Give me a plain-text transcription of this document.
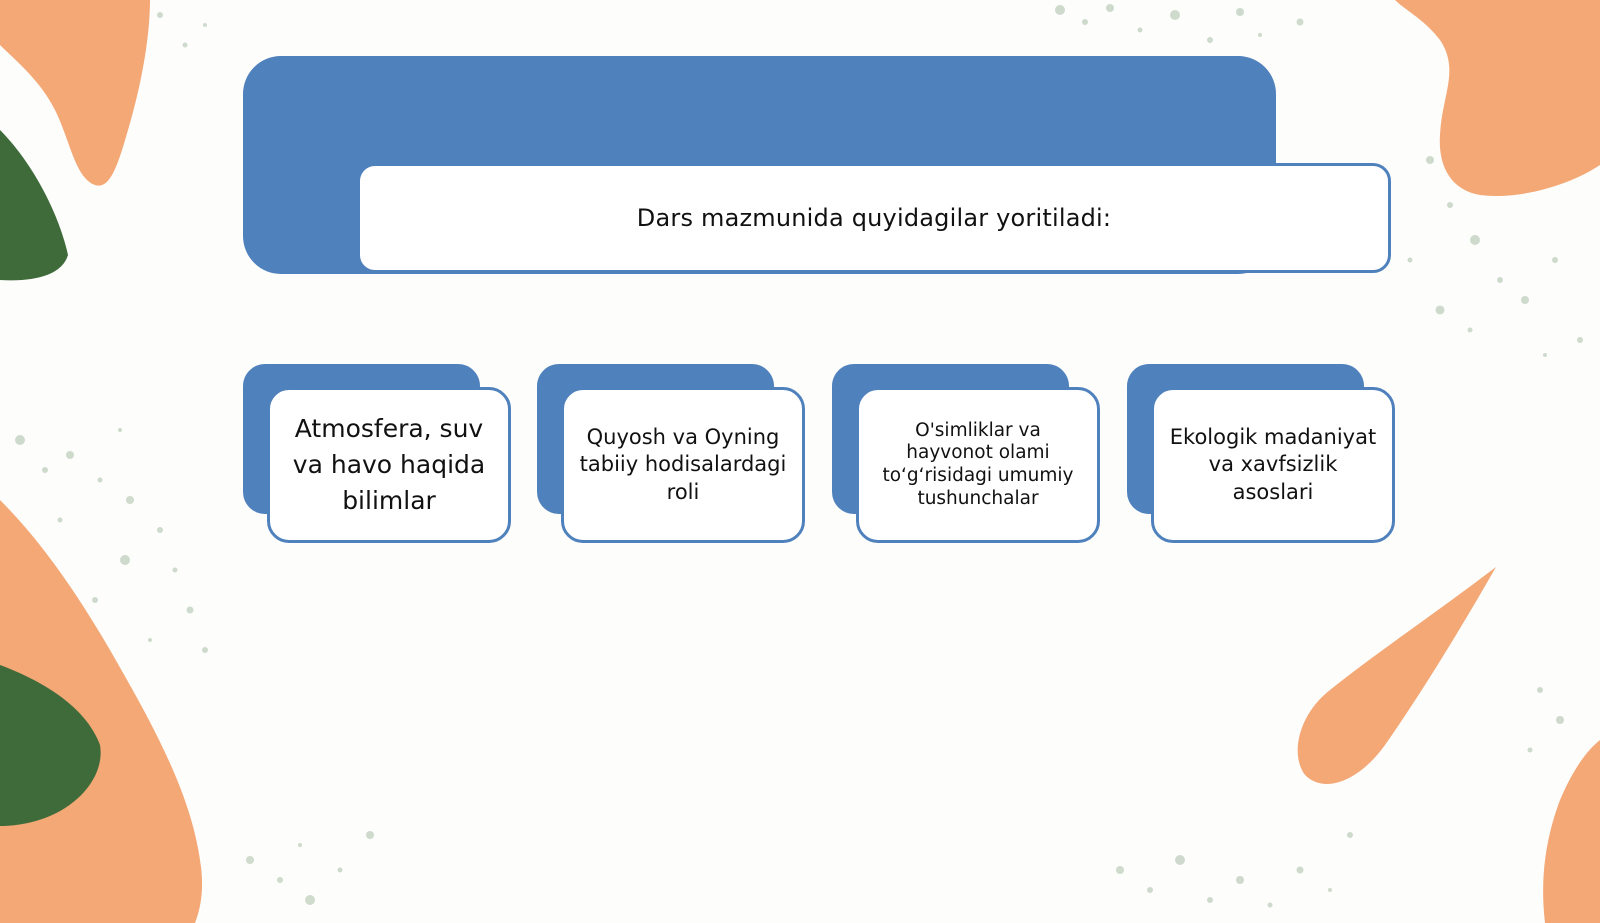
Dars mazmunida quyidagilar yoritiladi:
Atmosfera, suv va havo haqida bilimlar
Quyosh va Oyning tabiiy hodisalardagi roli
O'simliklar va hayvonot olami to‘g‘risidagi umumiy tushunchalar
Ekologik madaniyat va xavfsizlik asoslari
